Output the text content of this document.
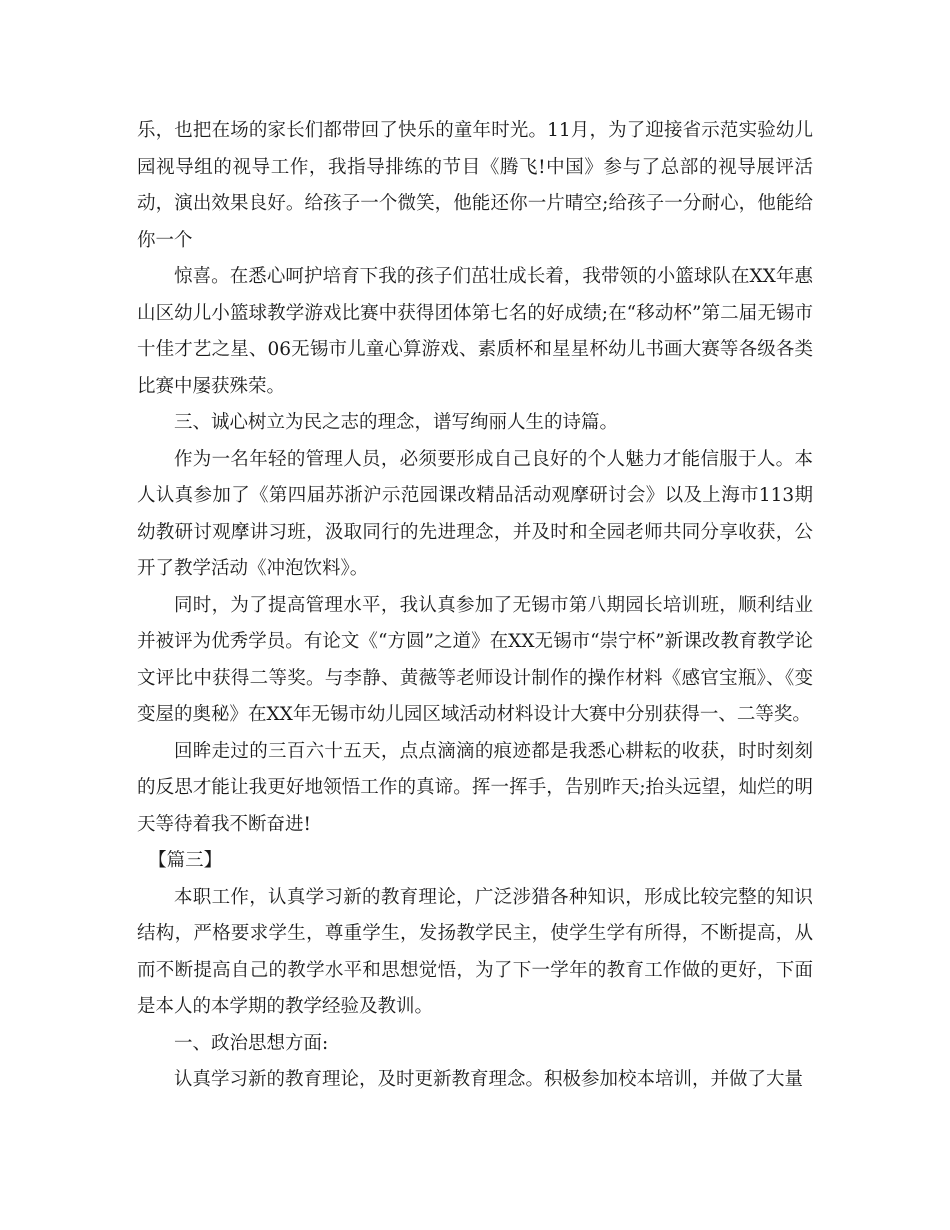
乐，也把在场的家长们都带回了快乐的童年时光。11月，为了迎接省示范实验幼儿园视导组的视导工作，我指导排练的节目《腾飞!中国》参与了总部的视导展评活动，演出效果良好。给孩子一个微笑，他能还你一片晴空;给孩子一分耐心，他能给你一个

惊喜。在悉心呵护培育下我的孩子们茁壮成长着，我带领的小篮球队在XX年惠山区幼儿小篮球教学游戏比赛中获得团体第七名的好成绩;在“移动杯”第二届无锡市十佳才艺之星、06无锡市儿童心算游戏、素质杯和星星杯幼儿书画大赛等各级各类比赛中屡获殊荣。

三、诚心树立为民之志的理念，谱写绚丽人生的诗篇。

作为一名年轻的管理人员，必须要形成自己良好的个人魅力才能信服于人。本人认真参加了《第四届苏浙沪示范园课改精品活动观摩研讨会》以及上海市113期幼教研讨观摩讲习班，汲取同行的先进理念，并及时和全园老师共同分享收获，公开了教学活动《冲泡饮料》。

同时，为了提高管理水平，我认真参加了无锡市第八期园长培训班，顺利结业并被评为优秀学员。有论文《“方圆”之道》在XX无锡市“崇宁杯”新课改教育教学论文评比中获得二等奖。与李静、黄薇等老师设计制作的操作材料《感官宝瓶》、《变变屋的奥秘》在XX年无锡市幼儿园区域活动材料设计大赛中分别获得一、二等奖。

回眸走过的三百六十五天，点点滴滴的痕迹都是我悉心耕耘的收获，时时刻刻的反思才能让我更好地领悟工作的真谛。挥一挥手，告别昨天;抬头远望，灿烂的明天等待着我不断奋进!

【篇三】

本职工作，认真学习新的教育理论，广泛涉猎各种知识，形成比较完整的知识结构，严格要求学生，尊重学生，发扬教学民主，使学生学有所得，不断提高，从而不断提高自己的教学水平和思想觉悟，为了下一学年的教育工作做的更好，下面是本人的本学期的教学经验及教训。

一、政治思想方面:

认真学习新的教育理论，及时更新教育理念。积极参加校本培训，并做了大量
